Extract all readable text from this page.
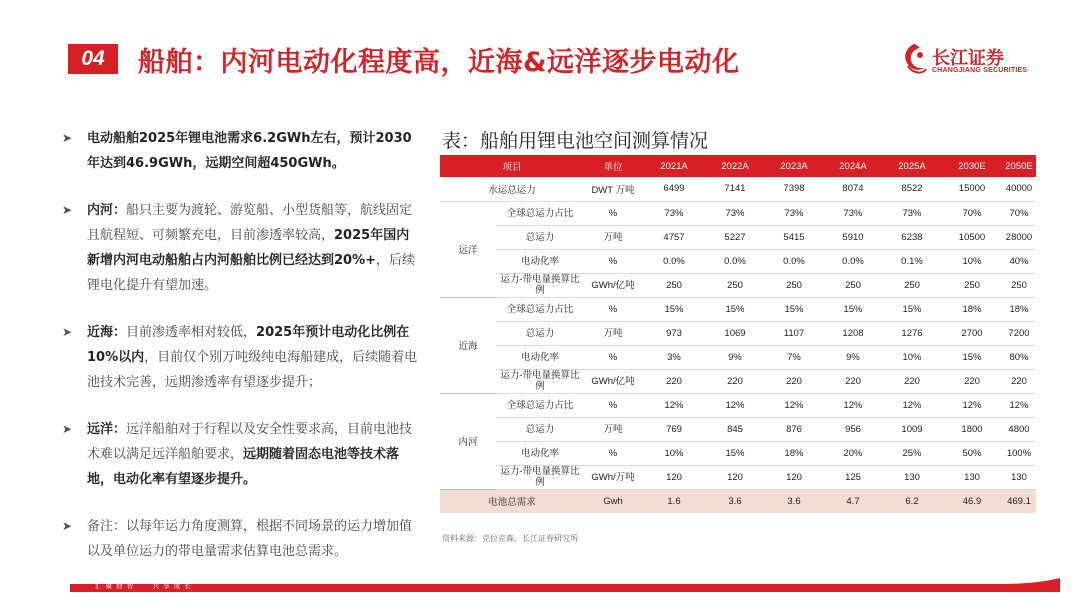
04	船舶：内河电动化程度高，近海&远洋逐步电动化	长江证券
CHANGJIANG SECURITIES
➤ 电动船舶2025年锂电池需求6.2GWh左右，预计2030年达到46.9GWh，远期空间超450GWh。
➤ 内河：船只主要为渡轮、游览船、小型货船等，航线固定且航程短、可频繁充电，目前渗透率较高，2025年国内新增内河电动船舶占内河船舶比例已经达到20%+，后续锂电化提升有望加速。
➤ 近海：目前渗透率相对较低，2025年预计电动化比例在10%以内，目前仅个别万吨级纯电海船建成，后续随着电池技术完善，远期渗透率有望逐步提升；
➤ 远洋：远洋船舶对于行程以及安全性要求高，目前电池技术难以满足远洋船舶要求，远期随着固态电池等技术落地，电动化率有望逐步提升。
➤ 备注：以每年运力角度测算，根据不同场景的运力增加值以及单位运力的带电量需求估算电池总需求。
表：船舶用锂电池空间测算情况
项目		单位	2021A	2022A	2023A	2024A	2025A	2030E	2050E
水运总运力		DWT 万吨	6499	7141	7398	8074	8522	15000	40000
远洋	全球总运力占比	%	73%	73%	73%	73%	73%	70%	70%
	总运力	万吨	4757	5227	5415	5910	6238	10500	28000
	电动化率	%	0.0%	0.0%	0.0%	0.0%	0.1%	10%	40%
	运力-带电量换算比例	GWh/亿吨	250	250	250	250	250	250	250
近海	全球总运力占比	%	15%	15%	15%	15%	15%	18%	18%
	总运力	万吨	973	1069	1107	1208	1276	2700	7200
	电动化率	%	3%	9%	7%	9%	10%	15%	80%
	运力-带电量换算比例	GWh/亿吨	220	220	220	220	220	220	220
内河	全球总运力占比	%	12%	12%	12%	12%	12%	12%	12%
	总运力	万吨	769	845	876	956	1009	1800	4800
	电动化率	%	10%	15%	18%	20%	25%	50%	100%
	运力-带电量换算比例	GWh/万吨	120	120	120	125	130	130	130
电池总需求		Gwh	1.6	3.6	3.6	4.7	6.2	46.9	469.1
资料来源：克拉克森，长江证券研究所
汇 聚 财 智	共 享 成 长
